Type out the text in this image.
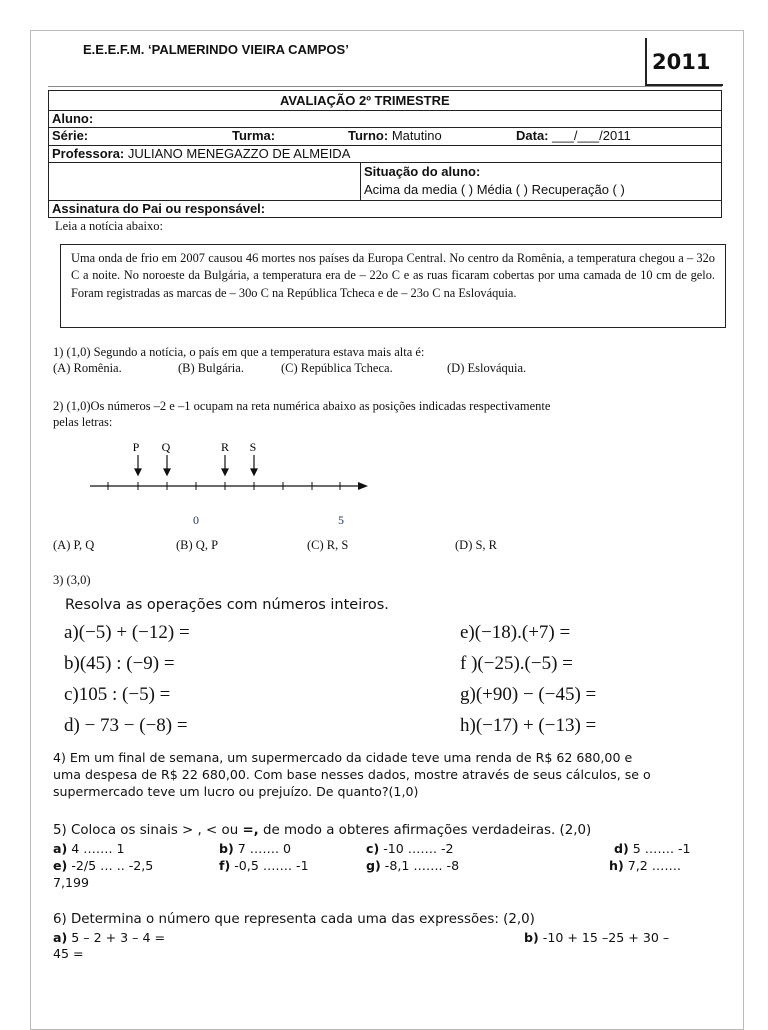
E.E.E.F.M. ‘PALMERINDO VIEIRA CAMPOS’
2011
AVALIAÇÃO 2º TRIMESTRE
Aluno:
Série:	Turma:	Turno: Matutino	Data: ___/___/2011
Professora: JULIANO MENEGAZZO DE ALMEIDA
Situação do aluno:
Acima da media ( ) Média ( ) Recuperação ( )
Assinatura do Pai ou responsável:
Leia a notícia abaixo:
Uma onda de frio em 2007 causou 46 mortes nos países da Europa Central. No centro da Romênia, a temperatura chegou a – 32o C a noite. No noroeste da Bulgária, a temperatura era de – 22o C e as ruas ficaram cobertas por uma camada de 10 cm de gelo. Foram registradas as marcas de – 30o C na República Tcheca e de – 23o C na Eslováquia.
1) (1,0) Segundo a notícia, o país em que a temperatura estava mais alta é:
(A) Romênia.	(B) Bulgária.	(C) República Tcheca.	(D) Eslováquia.
2) (1,0)Os números –2 e –1 ocupam na reta numérica abaixo as posições indicadas respectivamente
pelas letras:
P Q	R S
0	5
(A) P, Q	(B) Q, P	(C) R, S	(D) S, R
3) (3,0)
Resolva as operações com números inteiros.
a)(−5) + (−12) =
b)(45) : (−9) =
c)105 : (−5) =
d) − 73 − (−8) =
e)(−18).(+7) =
f )(−25).(−5) =
g)(+90) − (−45) =
h)(−17) + (−13) =
4) Em um final de semana, um supermercado da cidade teve uma renda de R$ 62 680,00 e
uma despesa de R$ 22 680,00. Com base nesses dados, mostre através de seus cálculos, se o
supermercado teve um lucro ou prejuízo. De quanto?(1,0)
5) Coloca os sinais > , < ou =, de modo a obteres afirmações verdadeiras. (2,0)
a) 4 ……. 1	b) 7 ……. 0	c) -10 ……. -2	d) 5 ……. -1
e) -2/5 … .. -2,5	f) -0,5 ……. -1	g) -8,1 ……. -8	h) 7,2 …….
7,199
6) Determina o número que representa cada uma das expressões: (2,0)
a) 5 – 2 + 3 – 4 =	b) -10 + 15 –25 + 30 –
45 =
